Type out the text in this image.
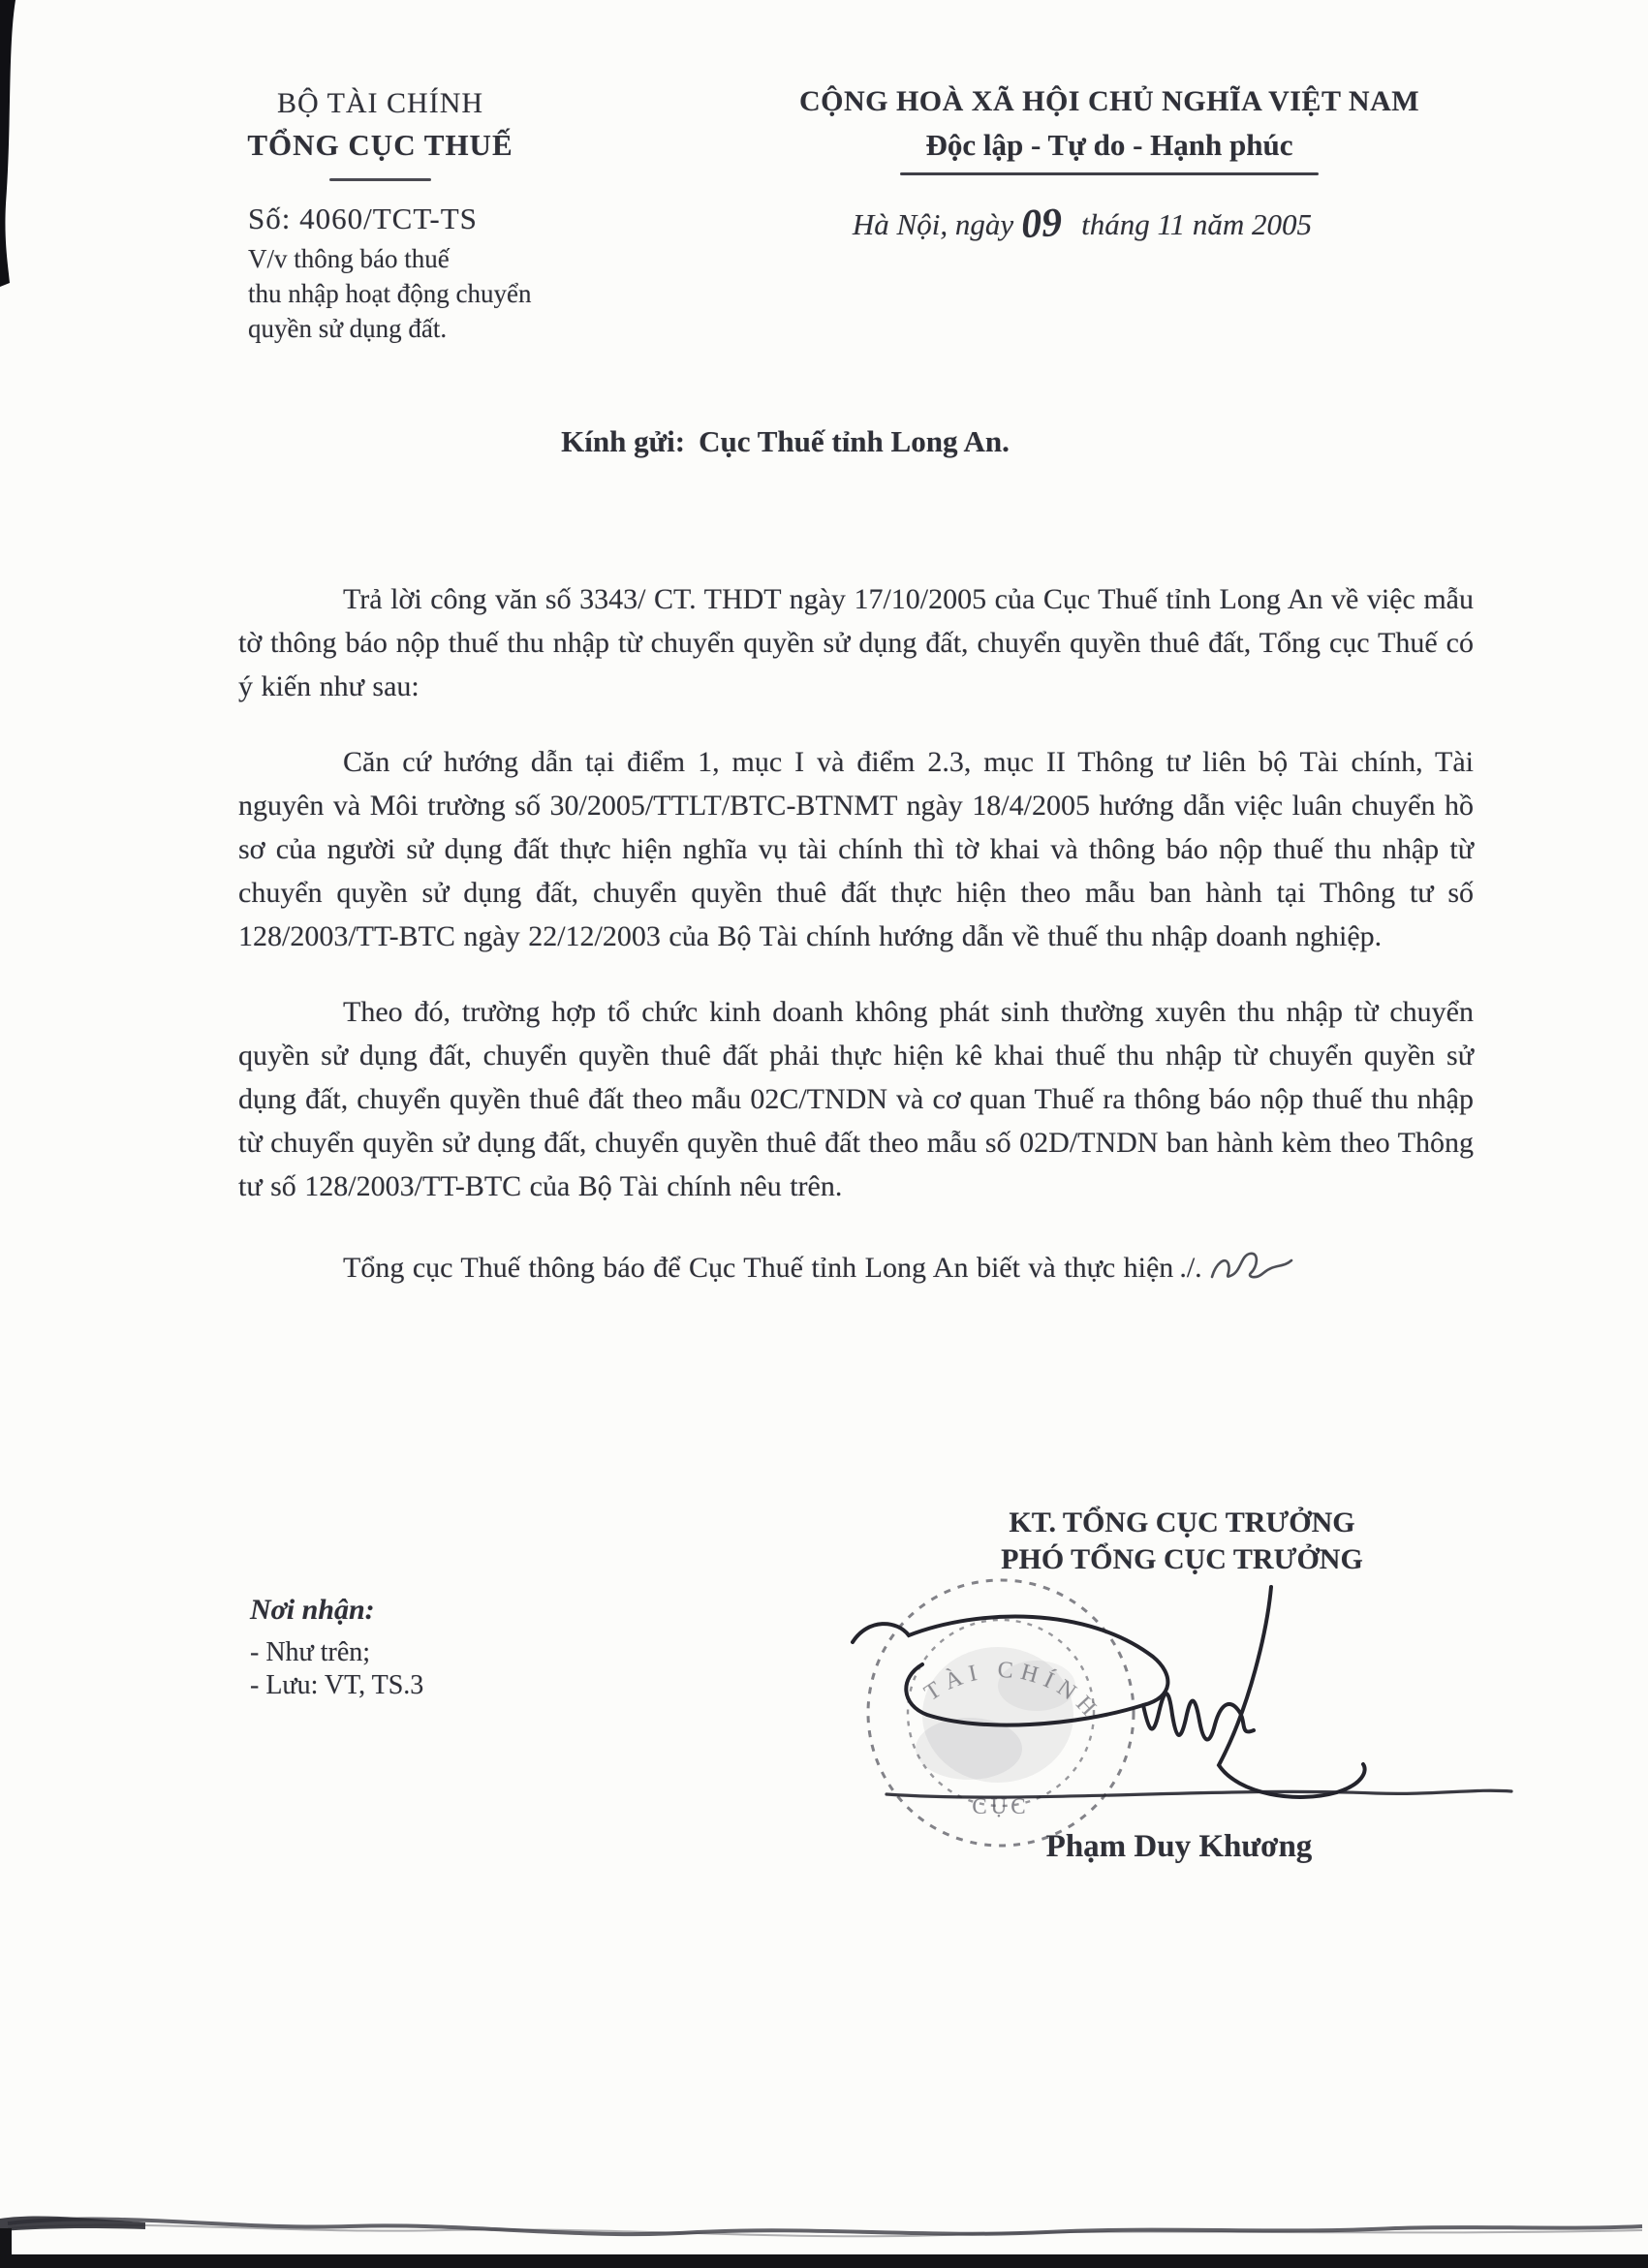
BỘ TÀI CHÍNH
TỔNG CỤC THUẾ
Số: 4060/TCT-TS
V/v thông báo thuế
thu nhập hoạt động chuyển
quyền sử dụng đất.
CỘNG HOÀ XÃ HỘI CHỦ NGHĨA VIỆT NAM
Độc lập - Tự do - Hạnh phúc
Hà Nội, ngày 09 tháng 11 năm 2005
Kính gửi: Cục Thuế tỉnh Long An.
Trả lời công văn số 3343/ CT. THDT ngày 17/10/2005 của Cục Thuế tỉnh Long An về việc mẫu tờ thông báo nộp thuế thu nhập từ chuyển quyền sử dụng đất, chuyển quyền thuê đất, Tổng cục Thuế có ý kiến như sau:
Căn cứ hướng dẫn tại điểm 1, mục I và điểm 2.3, mục II Thông tư liên bộ Tài chính, Tài nguyên và Môi trường số 30/2005/TTLT/BTC-BTNMT ngày 18/4/2005 hướng dẫn việc luân chuyển hồ sơ của người sử dụng đất thực hiện nghĩa vụ tài chính thì tờ khai và thông báo nộp thuế thu nhập từ chuyển quyền sử dụng đất, chuyển quyền thuê đất thực hiện theo mẫu ban hành tại Thông tư số 128/2003/TT-BTC ngày 22/12/2003 của Bộ Tài chính hướng dẫn về thuế thu nhập doanh nghiệp.
Theo đó, trường hợp tổ chức kinh doanh không phát sinh thường xuyên thu nhập từ chuyển quyền sử dụng đất, chuyển quyền thuê đất phải thực hiện kê khai thuế thu nhập từ chuyển quyền sử dụng đất, chuyển quyền thuê đất theo mẫu 02C/TNDN và cơ quan Thuế ra thông báo nộp thuế thu nhập từ chuyển quyền sử dụng đất, chuyển quyền thuê đất theo mẫu số 02D/TNDN ban hành kèm theo Thông tư số 128/2003/TT-BTC của Bộ Tài chính nêu trên.
Tổng cục Thuế thông báo để Cục Thuế tỉnh Long An biết và thực hiện ./.
KT. TỔNG CỤC TRƯỞNG
PHÓ TỔNG CỤC TRƯỞNG
TÀI CHÍNH
CỤC
Phạm Duy Khương
Nơi nhận:
- Như trên;
- Lưu: VT, TS.3
